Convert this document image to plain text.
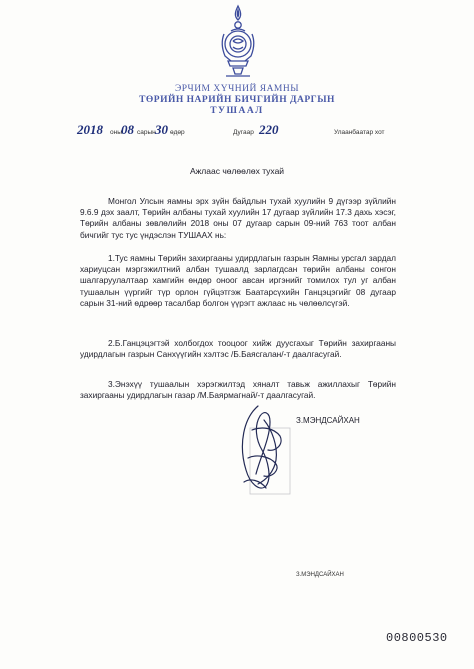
ЭРЧИМ ХҮЧНИЙ ЯАМНЫ
ТӨРИЙН НАРИЙН БИЧГИЙН ДАРГЫН
ТУШААЛ
2018 оны 08 сарын 30 өдөр	Дугаар 220	Улаанбаатар хот
Ажлаас чөлөөлөх тухай

Монгол Улсын яамны эрх зүйн байдлын тухай хуулийн 9 дүгээр зүйлийн 9.6.9 дэх заалт, Төрийн албаны тухай хуулийн 17 дугаар зүйлийн 17.3 дахь хэсэг, Төрийн албаны зөвлөлийн 2018 оны 07 дугаар сарын 09-ний 763 тоот албан бичгийг тус тус үндэслэн ТУШААХ нь:

1.Тус яамны Төрийн захиргааны удирдлагын газрын Яамны урсгал зардал хариуцсан мэргэжилтний албан тушаалд зарлагдсан төрийн албаны сонгон шалгаруулалтаар хамгийн өндөр оноог авсан иргэнийг томилох тул уг албан тушаалын үүргийг түр орлон гүйцэтгэж Баатарсүхийн Ганцэцэгийг 08 дугаар сарын 31-ний өдрөөр тасалбар болгон үүрэгт ажлаас нь чөлөөлсүгэй.

2.Б.Ганцэцэгтэй холбогдох тооцоог хийж дуусгахыг Төрийн захиргааны удирдлагын газрын Санхүүгийн хэлтэс /Б.Баясгалан/-т даалгасугай.

3.Энэхүү тушаалын хэрэгжилтэд хяналт тавьж ажиллахыг Төрийн захиргааны удирдлагын газар /М.Баярмагнай/-т даалгасугай.

З.МЭНДСАЙХАН
З.МЭНДСАЙХАН
00800530
